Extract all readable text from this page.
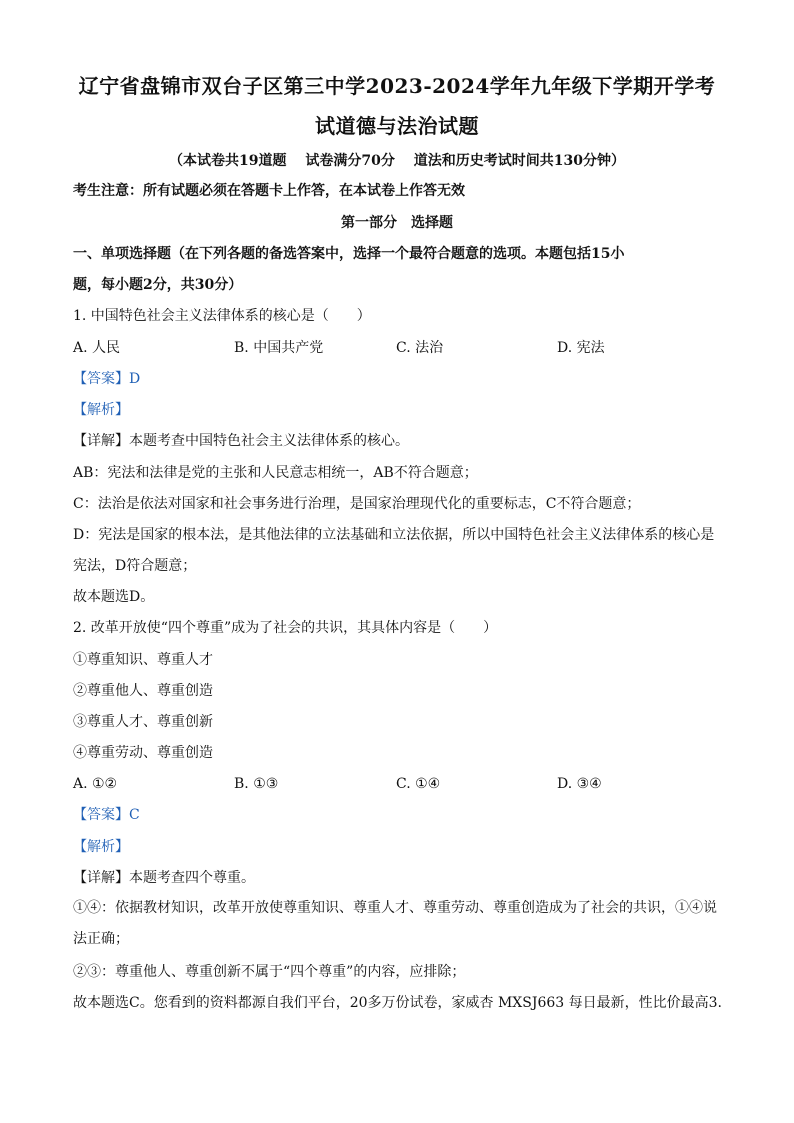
辽宁省盘锦市双台子区第三中学2023-2024学年九年级下学期开学考
试道德与法治试题
（本试卷共19道题　 试卷满分70分 　道法和历史考试时间共130分钟）
考生注意：所有试题必须在答题卡上作答，在本试卷上作答无效
第一部分　选择题
一、单项选择题（在下列各题的备选答案中，选择一个最符合题意的选项。本题包括15小
题，每小题2分，共30分）
1. 中国特色社会主义法律体系的核心是（　　）
A. 人民	B. 中国共产党	C. 法治	D. 宪法
【答案】D
【解析】
【详解】本题考查中国特色社会主义法律体系的核心。
AB：宪法和法律是党的主张和人民意志相统一，AB不符合题意；
C：法治是依法对国家和社会事务进行治理，是国家治理现代化的重要标志，C不符合题意；
D：宪法是国家的根本法，是其他法律的立法基础和立法依据，所以中国特色社会主义法律体系的核心是
宪法，D符合题意；
故本题选D。
2. 改革开放使“四个尊重”成为了社会的共识，其具体内容是（　　）
①尊重知识、尊重人才
②尊重他人、尊重创造
③尊重人才、尊重创新
④尊重劳动、尊重创造
A. ①②	B. ①③	C. ①④	D. ③④
【答案】C
【解析】
【详解】本题考查四个尊重。
①④：依据教材知识，改革开放使尊重知识、尊重人才、尊重劳动、尊重创造成为了社会的共识，①④说法正确；
②③：尊重他人、尊重创新不属于“四个尊重”的内容，应排除；
故本题选C。您看到的资料都源自我们平台，20多万份试卷，家威杏 MXSJ663 每日最新，性比价最高3.
